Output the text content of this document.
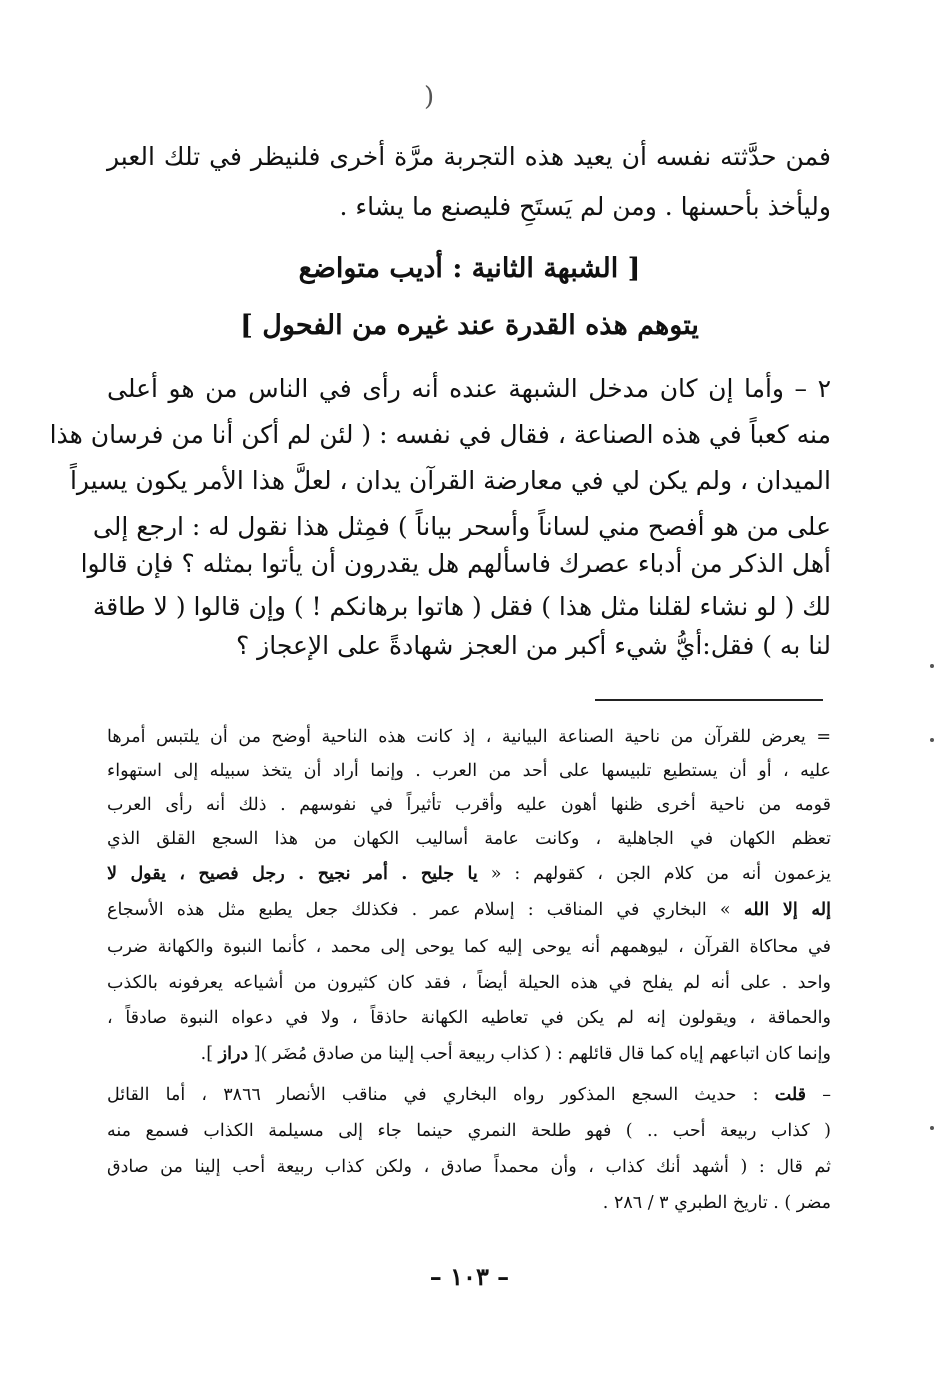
(
فمن حدَّثته نفسه أن يعيد هذه التجربة مرَّة أخرى فلنيظر في تلك العبر
وليأخذ بأحسنها . ومن لم يَستَحِ فليصنع ما يشاء .
[ الشبهة الثانية : أديب متواضع
يتوهم هذه القدرة عند غيره من الفحول ]
٢ – وأما إن كان مدخل الشبهة عنده أنه رأى في الناس من هو أعلى
منه كعباً في هذه الصناعة ، فقال في نفسه : ( لئن لم أكن أنا من فرسان هذا
الميدان ، ولم يكن لي في معارضة القرآن يدان ، لعلَّ هذا الأمر يكون يسيراً
على من هو أفصح مني لساناً وأسحر بياناً ) فمِثل هذا نقول له : ارجع إلى
أهل الذكر من أدباء عصرك فاسألهم هل يقدرون أن يأتوا بمثله ؟ فإن قالوا
لك ( لو نشاء لقلنا مثل هذا ) فقل ( هاتوا برهانكم ! ) وإن قالوا ( لا طاقة
لنا به ) فقل:أيُّ شيء أكبر من العجز شهادةً على الإعجاز ؟
= يعرض للقرآن من ناحية الصناعة البيانية ، إذ كانت هذه الناحية أوضح من أن يلتبس أمرها
عليه ، أو أن يستطيع تلبيسها على أحد من العرب . وإنما أراد أن يتخذ سبيله إلى استهواء
قومه من ناحية أخرى ظنها أهون عليه وأقرب تأثيراً في نفوسهم . ذلك أنه رأى العرب
تعظم الكهان في الجاهلية ، وكانت عامة أساليب الكهان من هذا السجع القلق الذي
يزعمون أنه من كلام الجن ، كقولهم : « يا جليح . أمر نجيح . رجل فصيح ، يقول لا
إله إلا الله » البخاري في المناقب : إسلام عمر . فكذلك جعل يطبع مثل هذه الأسجاع
في محاكاة القرآن ، ليوهمهم أنه يوحى إليه كما يوحى إلى محمد ، كأنما النبوة والكهانة ضرب
واحد . على أنه لم يفلح في هذه الحيلة أيضاً ، فقد كان كثيرون من أشياعه يعرفونه بالكذب
والحماقة ، ويقولون إنه لم يكن في تعاطيه الكهانة حاذقاً ، ولا في دعواه النبوة صادقاً ،
وإنما كان اتباعهم إياه كما قال قائلهم : ( كذاب ربيعة أحب إلينا من صادق مُضَر )[ دراز ].
– قلت : حديث السجع المذكور رواه البخاري في مناقب الأنصار ٣٨٦٦ ، أما القائل
( كذاب ربيعة أحب .. ) فهو طلحة النمري حينما جاء إلى مسيلمة الكذاب فسمع منه
ثم قال : ( أشهد أنك كذاب ، وأن محمداً صادق ، ولكن كذاب ربيعة أحب إلينا من صادق
مضر ) . تاريخ الطبري ٣ / ٢٨٦ .
– ١٠٣ –
